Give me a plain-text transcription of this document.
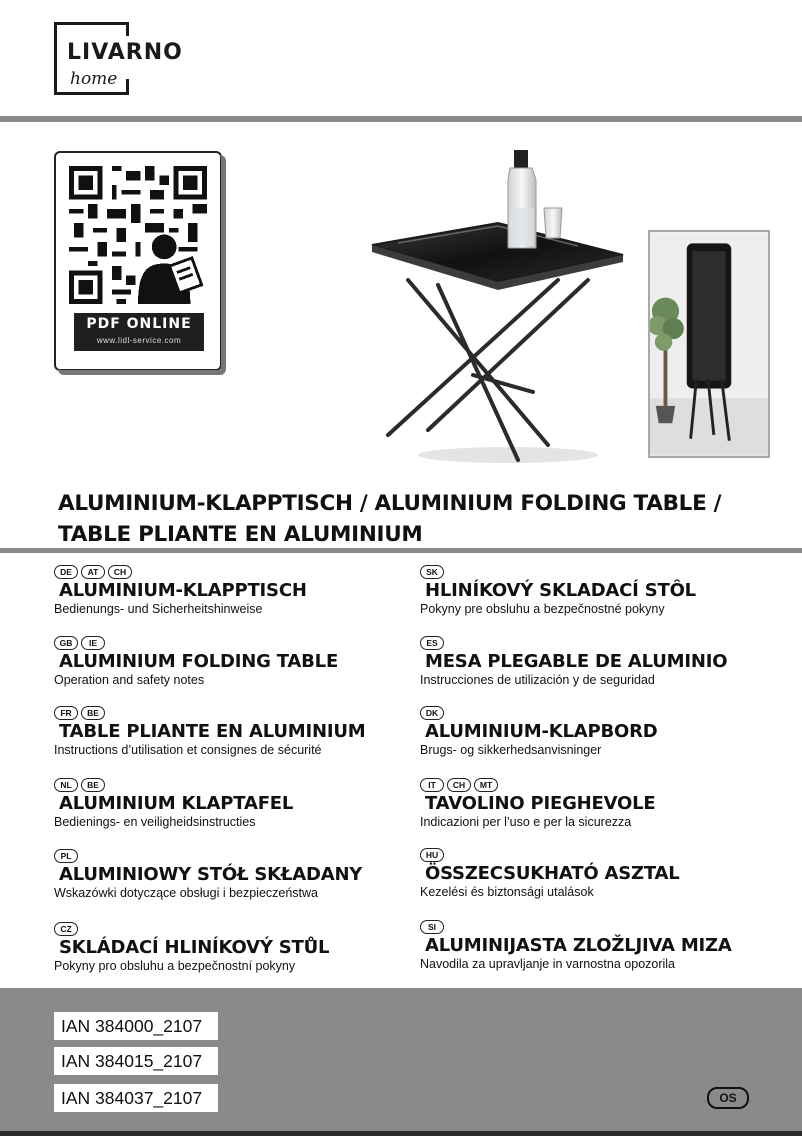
LIVARNO
home
PDF ONLINE
www.lidl-service.com
ALUMINIUM-KLAPPTISCH / ALUMINIUM FOLDING TABLE /
TABLE PLIANTE EN ALUMINIUM
DE AT CH
ALUMINIUM-KLAPPTISCH
Bedienungs- und Sicherheitshinweise
GB IE
ALUMINIUM FOLDING TABLE
Operation and safety notes
FR BE
TABLE PLIANTE EN ALUMINIUM
Instructions d’utilisation et consignes de sécurité
NL BE
ALUMINIUM KLAPTAFEL
Bedienings- en veiligheidsinstructies
PL
ALUMINIOWY STÓŁ SKŁADANY
Wskazówki dotyczące obsługi i bezpieczeństwa
CZ
SKLÁDACÍ HLINÍKOVÝ STŮL
Pokyny pro obsluhu a bezpečnostní pokyny
SK
HLINÍKOVÝ SKLADACÍ STÔL
Pokyny pre obsluhu a bezpečnostné pokyny
ES
MESA PLEGABLE DE ALUMINIO
Instrucciones de utilización y de seguridad
DK
ALUMINIUM-KLAPBORD
Brugs- og sikkerhedsanvisninger
IT CH MT
TAVOLINO PIEGHEVOLE
Indicazioni per l’uso e per la sicurezza
HU
ÖSSZECSUKHATÓ ASZTAL
Kezelési és biztonsági utalások
SI
ALUMINIJASTA ZLOŽLJIVA MIZA
Navodila za upravljanje in varnostna opozorila
IAN 384000_2107
IAN 384015_2107
IAN 384037_2107	OS
